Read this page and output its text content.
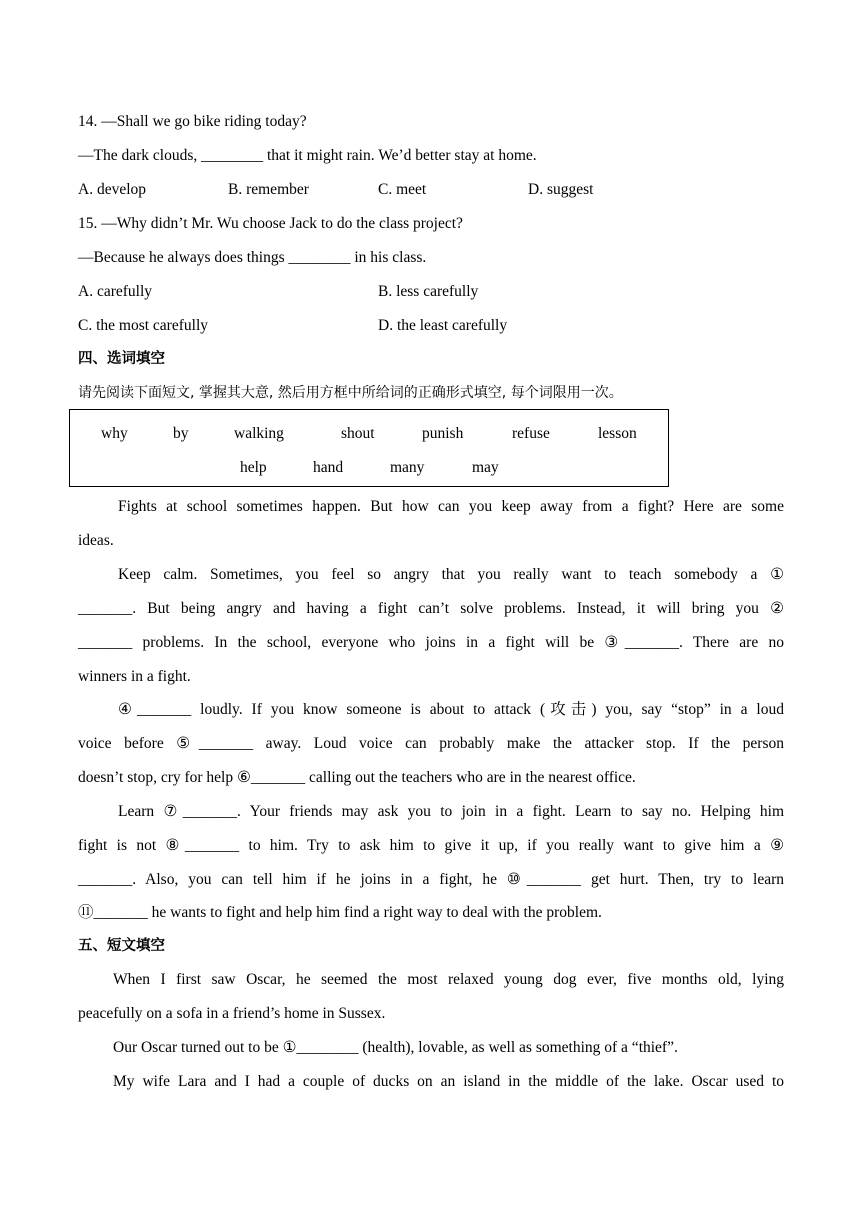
14. —Shall we go bike riding today?
—The dark clouds, ________ that it might rain. We’d better stay at home.
A. develop	B. remember	C. meet	D. suggest
15. —Why didn’t Mr. Wu choose Jack to do the class project?
—Because he always does things ________ in his class.
A. carefully	B. less carefully
C. the most carefully	D. the least carefully
四、选词填空
请先阅读下面短文, 掌握其大意, 然后用方框中所给词的正确形式填空, 每个词限用一次。
why	by	walking	shout	punish	refuse	lesson
help	hand	many	may
Fights at school sometimes happen. But how can you keep away from a fight? Here are some
ideas.
Keep calm. Sometimes, you feel so angry that you really want to teach somebody a ①
_______. But being angry and having a fight can’t solve problems. Instead, it will bring you ②
_______ problems. In the school, everyone who joins in a fight will be ③_______. There are no
winners in a fight.
④_______ loudly. If you know someone is about to attack (攻击) you, say “stop” in a loud
voice before ⑤_______ away. Loud voice can probably make the attacker stop. If the person
doesn’t stop, cry for help ⑥_______ calling out the teachers who are in the nearest office.
Learn ⑦_______. Your friends may ask you to join in a fight. Learn to say no. Helping him
fight is not ⑧_______ to him. Try to ask him to give it up, if you really want to give him a ⑨
_______. Also, you can tell him if he joins in a fight, he ⑩_______ get hurt. Then, try to learn
⑪_______ he wants to fight and help him find a right way to deal with the problem.
五、短文填空
When I first saw Oscar, he seemed the most relaxed young dog ever, five months old, lying
peacefully on a sofa in a friend’s home in Sussex.
Our Oscar turned out to be ①________ (health), lovable, as well as something of a “thief”.
My wife Lara and I had a couple of ducks on an island in the middle of the lake. Oscar used to
